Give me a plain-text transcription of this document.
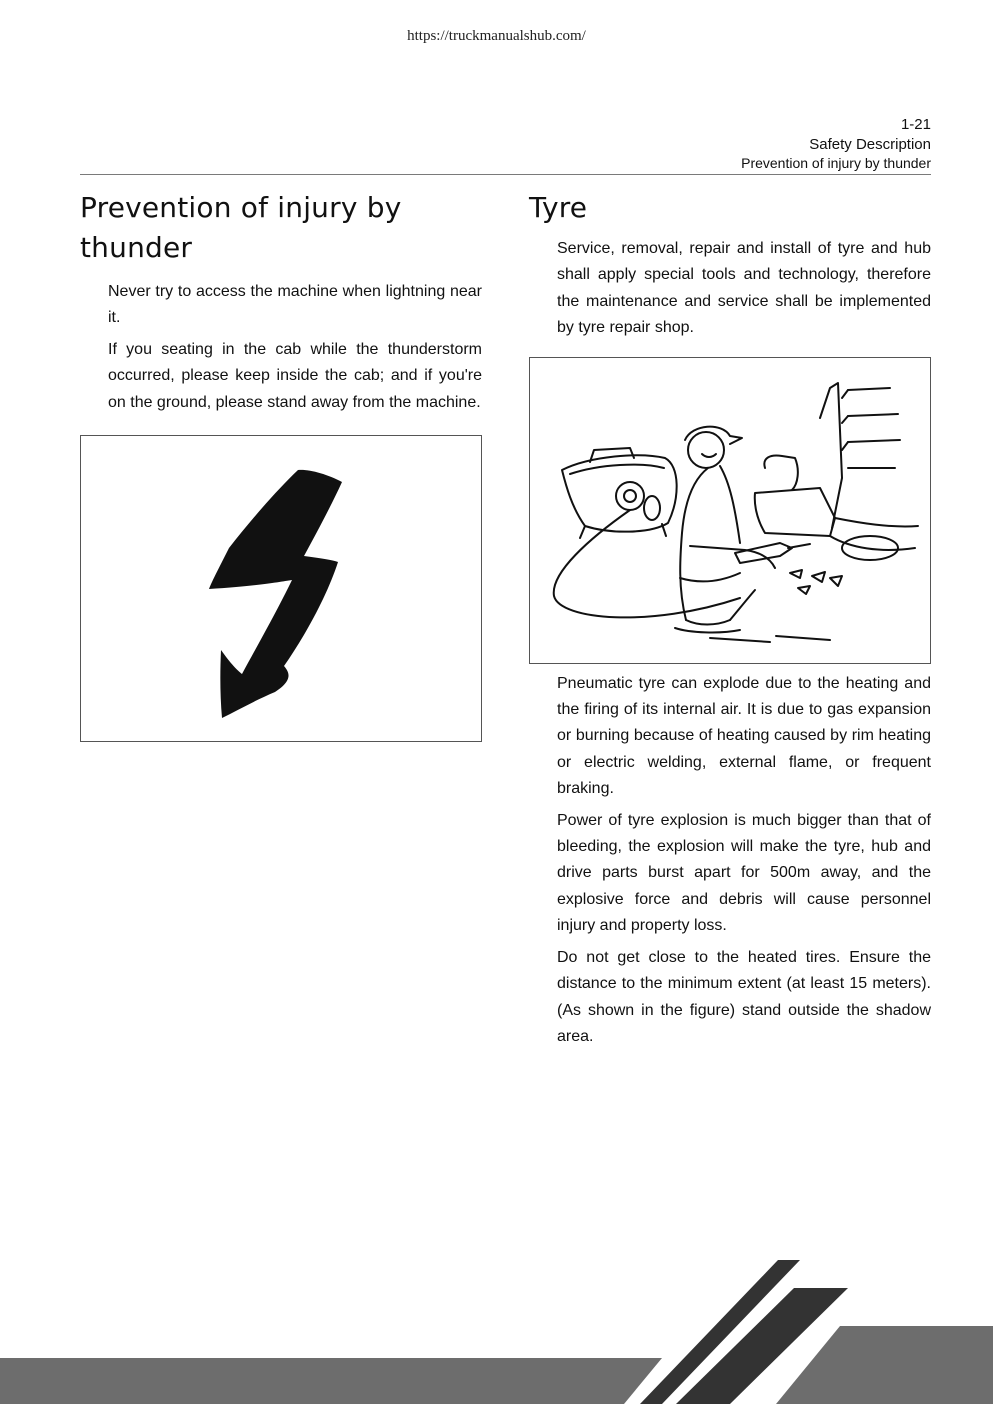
https://truckmanualshub.com/
1-21
Safety Description
Prevention of injury by thunder
Prevention of injury by thunder

Never try to access the machine when lightning near it.

If you seating in the cab while the thunderstorm occurred, please keep inside the cab; and if you're on the ground, please stand away from the machine.

Tyre

Service, removal, repair and install of tyre and hub shall apply special tools and technology, therefore the maintenance and service shall be implemented by tyre repair shop.

Pneumatic tyre can explode due to the heating and the firing of its internal air. It is due to gas expansion or burning because of heating caused by rim heating or electric welding, external flame, or frequent braking.

Power of tyre explosion is much bigger than that of bleeding, the explosion will make the tyre, hub and drive parts burst apart for 500m away, and the explosive force and debris will cause personnel injury and property loss.

Do not get close to the heated tires. Ensure the distance to the minimum extent (at least 15 meters). (As shown in the figure) stand outside the shadow area.
